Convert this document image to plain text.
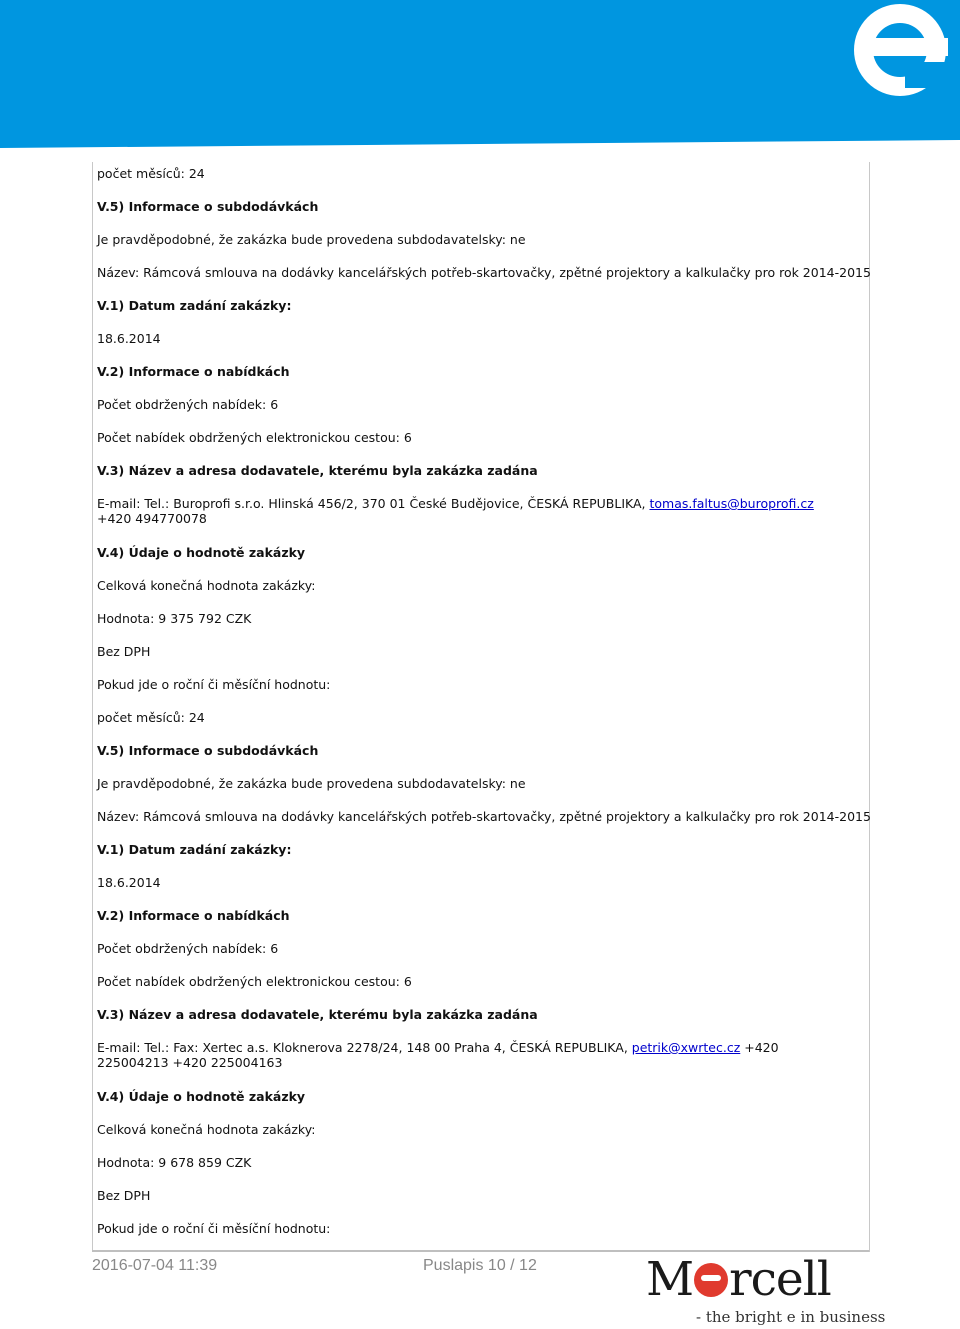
počet měsíců: 24
V.5) Informace o subdodávkách
Je pravděpodobné, že zakázka bude provedena subdodavatelsky: ne
Název: Rámcová smlouva na dodávky kancelářských potřeb-skartovačky, zpětné projektory a kalkulačky pro rok 2014-2015
V.1) Datum zadání zakázky:
18.6.2014
V.2) Informace o nabídkách
Počet obdržených nabídek: 6
Počet nabídek obdržených elektronickou cestou: 6
V.3) Název a adresa dodavatele, kterému byla zakázka zadána
E-mail: Tel.: Buroprofi s.r.o. Hlinská 456/2, 370 01 České Budějovice, ČESKÁ REPUBLIKA, tomas.faltus@buroprofi.cz +420 494770078
V.4) Údaje o hodnotě zakázky
Celková konečná hodnota zakázky:
Hodnota: 9 375 792 CZK
Bez DPH
Pokud jde o roční či měsíční hodnotu:
počet měsíců: 24
V.5) Informace o subdodávkách
Je pravděpodobné, že zakázka bude provedena subdodavatelsky: ne
Název: Rámcová smlouva na dodávky kancelářských potřeb-skartovačky, zpětné projektory a kalkulačky pro rok 2014-2015
V.1) Datum zadání zakázky:
18.6.2014
V.2) Informace o nabídkách
Počet obdržených nabídek: 6
Počet nabídek obdržených elektronickou cestou: 6
V.3) Název a adresa dodavatele, kterému byla zakázka zadána
E-mail: Tel.: Fax: Xertec a.s. Kloknerova 2278/24, 148 00 Praha 4, ČESKÁ REPUBLIKA, petrik@xwrtec.cz +420 225004213 +420 225004163
V.4) Údaje o hodnotě zakázky
Celková konečná hodnota zakázky:
Hodnota: 9 678 859 CZK
Bez DPH
Pokud jde o roční či měsíční hodnotu:
2016-07-04 11:39	Puslapis 10 / 12 M rcell
- the bright e in business
